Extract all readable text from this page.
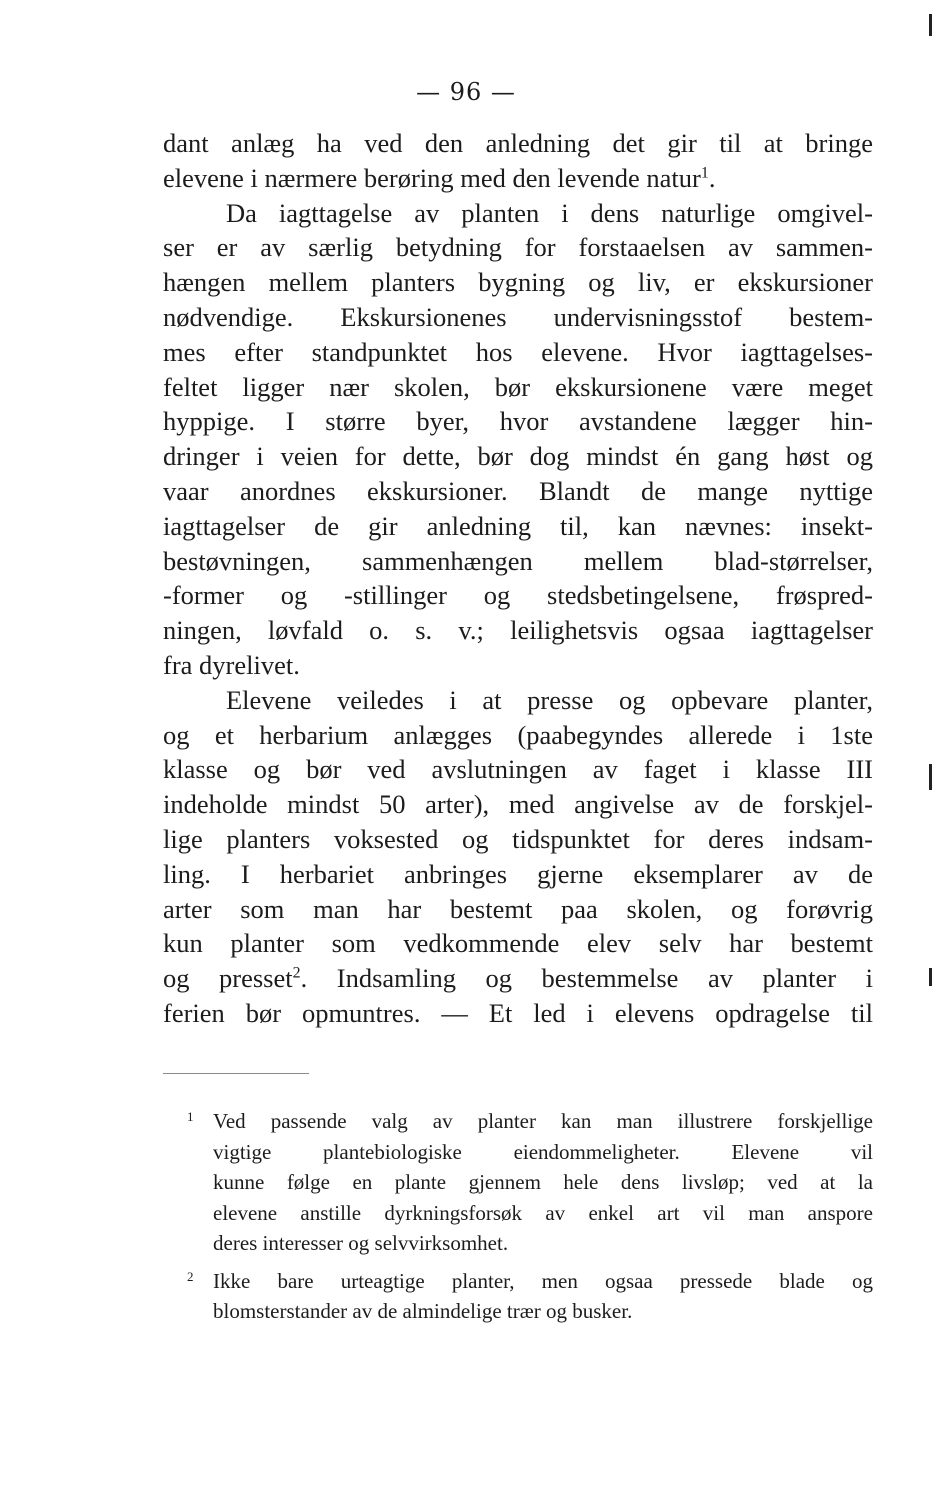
— 96 —
dant anlæg ha ved den anledning det gir til at bringe
elevene i nærmere berøring med den levende natur$^1$.
Da iagttagelse av planten i dens naturlige omgivel-
ser er av særlig betydning for forstaaelsen av sammen-
hængen mellem planters bygning og liv, er ekskursioner
nødvendige. Ekskursionenes undervisningsstof bestem-
mes efter standpunktet hos elevene. Hvor iagttagelses-
feltet ligger nær skolen, bør ekskursionene være meget
hyppige. I større byer, hvor avstandene lægger hin-
dringer i veien for dette, bør dog mindst én gang høst og
vaar anordnes ekskursioner. Blandt de mange nyttige
iagttagelser de gir anledning til, kan nævnes: insekt-
bestøvningen, sammenhængen mellem blad-størrelser,
-former og -stillinger og stedsbetingelsene, frøspred-
ningen, løvfald o. s. v.; leilighetsvis ogsaa iagttagelser
fra dyrelivet.
Elevene veiledes i at presse og opbevare planter,
og et herbarium anlægges (paabegyndes allerede i 1ste
klasse og bør ved avslutningen av faget i klasse III
indeholde mindst 50 arter), med angivelse av de forskjel-
lige planters voksested og tidspunktet for deres indsam-
ling. I herbariet anbringes gjerne eksemplarer av de
arter som man har bestemt paa skolen, og forøvrig
kun planter som vedkommende elev selv har bestemt
og presset$^2$. Indsamling og bestemmelse av planter i
ferien bør opmuntres. — Et led i elevens opdragelse til
1 Ved passende valg av planter kan man illustrere forskjellige
vigtige plantebiologiske eiendommeligheter. Elevene vil
kunne følge en plante gjennem hele dens livsløp; ved at la
elevene anstille dyrkningsforsøk av enkel art vil man anspore
deres interesser og selvvirksomhet.
2 Ikke bare urteagtige planter, men ogsaa pressede blade og
blomsterstander av de almindelige trær og busker.
